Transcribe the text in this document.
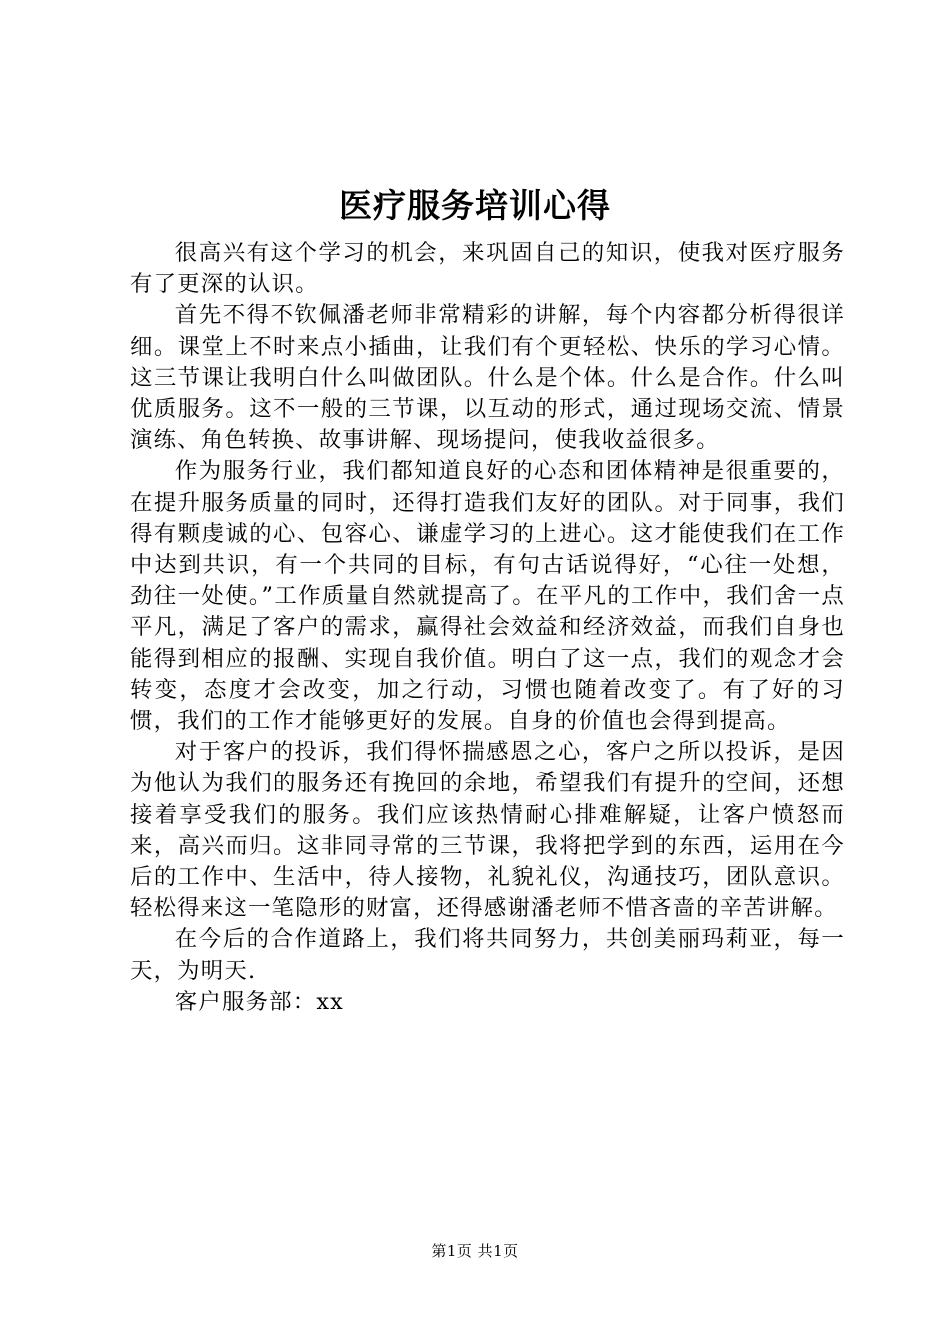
医疗服务培训心得

很高兴有这个学习的机会，来巩固自己的知识，使我对医疗服务有了更深的认识。

首先不得不钦佩潘老师非常精彩的讲解，每个内容都分析得很详细。课堂上不时来点小插曲，让我们有个更轻松、快乐的学习心情。这三节课让我明白什么叫做团队。什么是个体。什么是合作。什么叫优质服务。这不一般的三节课，以互动的形式，通过现场交流、情景演练、角色转换、故事讲解、现场提问，使我收益很多。

作为服务行业，我们都知道良好的心态和团体精神是很重要的，在提升服务质量的同时，还得打造我们友好的团队。对于同事，我们得有颗虔诚的心、包容心、谦虚学习的上进心。这才能使我们在工作中达到共识，有一个共同的目标，有句古话说得好，“心往一处想，劲往一处使。”工作质量自然就提高了。在平凡的工作中，我们舍一点平凡，满足了客户的需求，赢得社会效益和经济效益，而我们自身也能得到相应的报酬、实现自我价值。明白了这一点，我们的观念才会转变，态度才会改变，加之行动，习惯也随着改变了。有了好的习惯，我们的工作才能够更好的发展。自身的价值也会得到提高。

对于客户的投诉，我们得怀揣感恩之心，客户之所以投诉，是因为他认为我们的服务还有挽回的余地，希望我们有提升的空间，还想接着享受我们的服务。我们应该热情耐心排难解疑，让客户愤怒而来，高兴而归。这非同寻常的三节课，我将把学到的东西，运用在今后的工作中、生活中，待人接物，礼貌礼仪，沟通技巧，团队意识。轻松得来这一笔隐形的财富，还得感谢潘老师不惜吝啬的辛苦讲解。

在今后的合作道路上，我们将共同努力，共创美丽玛莉亚，每一天，为明天.

客户服务部：xx

第1页 共1页
